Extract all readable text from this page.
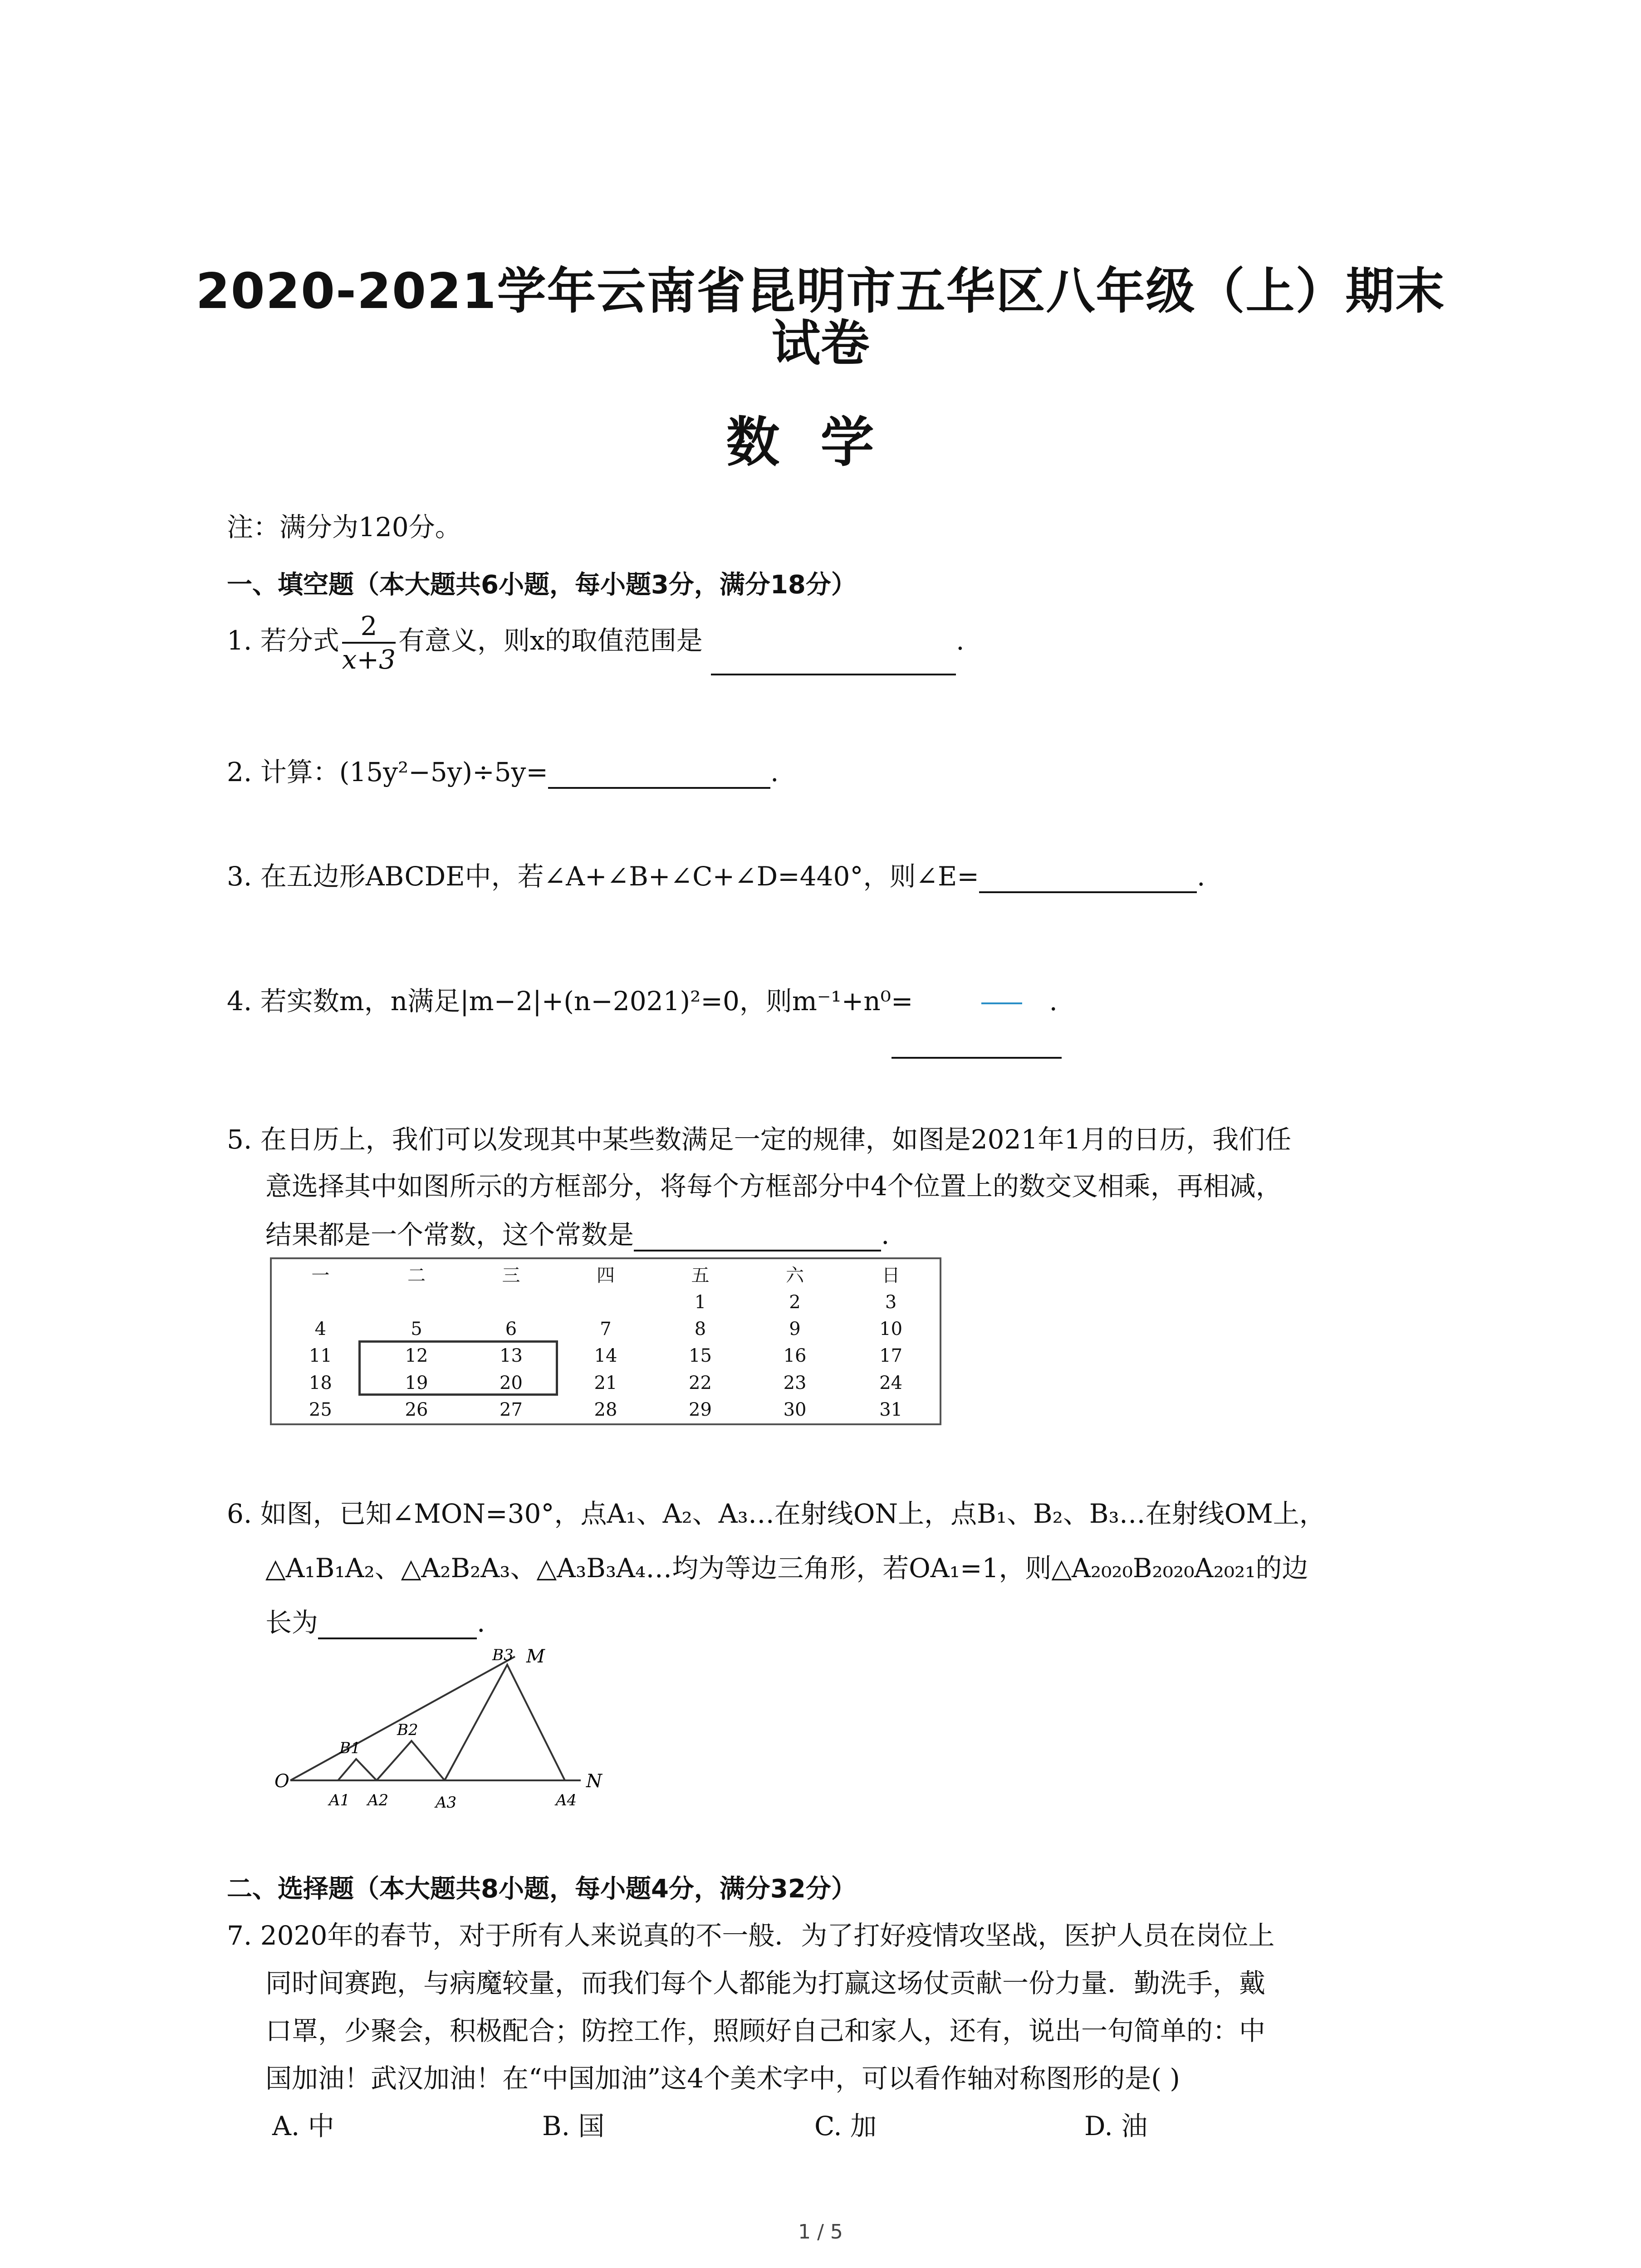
2020-2021学年云南省昆明市五华区八年级（上）期末
试卷
数学
注：满分为120分。
一、填空题（本大题共6小题，每小题3分，满分18分）
1. 若分式 $\frac{2}{x+3}$ 有意义，则x的取值范围是	.
2. 计算：(15y²−5y)÷5y=	.
3. 在五边形ABCDE中，若∠A+∠B+∠C+∠D=440°，则∠E=	.
4. 若实数m，n满足|m−2|+(n−2021)²=0，则m⁻¹+n⁰=	.
5. 在日历上，我们可以发现其中某些数满足一定的规律，如图是2021年1月的日历，我们任
意选择其中如图所示的方框部分，将每个方框部分中4个位置上的数交叉相乘，再相减，
结果都是一个常数，这个常数是	.
一	二	三	四	五	六	日
				1	2	3
4	5	6	7	8	9	10
11	12	13	14	15	16	17
18	19	20	21	22	23	24
25	26	27	28	29	30	31
6. 如图，已知∠MON=30°，点A₁、A₂、A₃…在射线ON上，点B₁、B₂、B₃…在射线OM上，
△A₁B₁A₂、△A₂B₂A₃、△A₃B₃A₄…均为等边三角形，若OA₁=1，则△A₂₀₂₀B₂₀₂₀A₂₀₂₁的边
长为	.
O
M
N
A1 A2	A3	A4
B1
B2
B3
二、选择题（本大题共8小题，每小题4分，满分32分）
7. 2020年的春节，对于所有人来说真的不一般．为了打好疫情攻坚战，医护人员在岗位上
同时间赛跑，与病魔较量，而我们每个人都能为打赢这场仗贡献一份力量．勤洗手，戴
口罩，少聚会，积极配合；防控工作，照顾好自己和家人，还有，说出一句简单的：中
国加油！武汉加油！在“中国加油”这4个美术字中，可以看作轴对称图形的是( )
A. 中	B. 国	C. 加	D. 油
1 / 5
